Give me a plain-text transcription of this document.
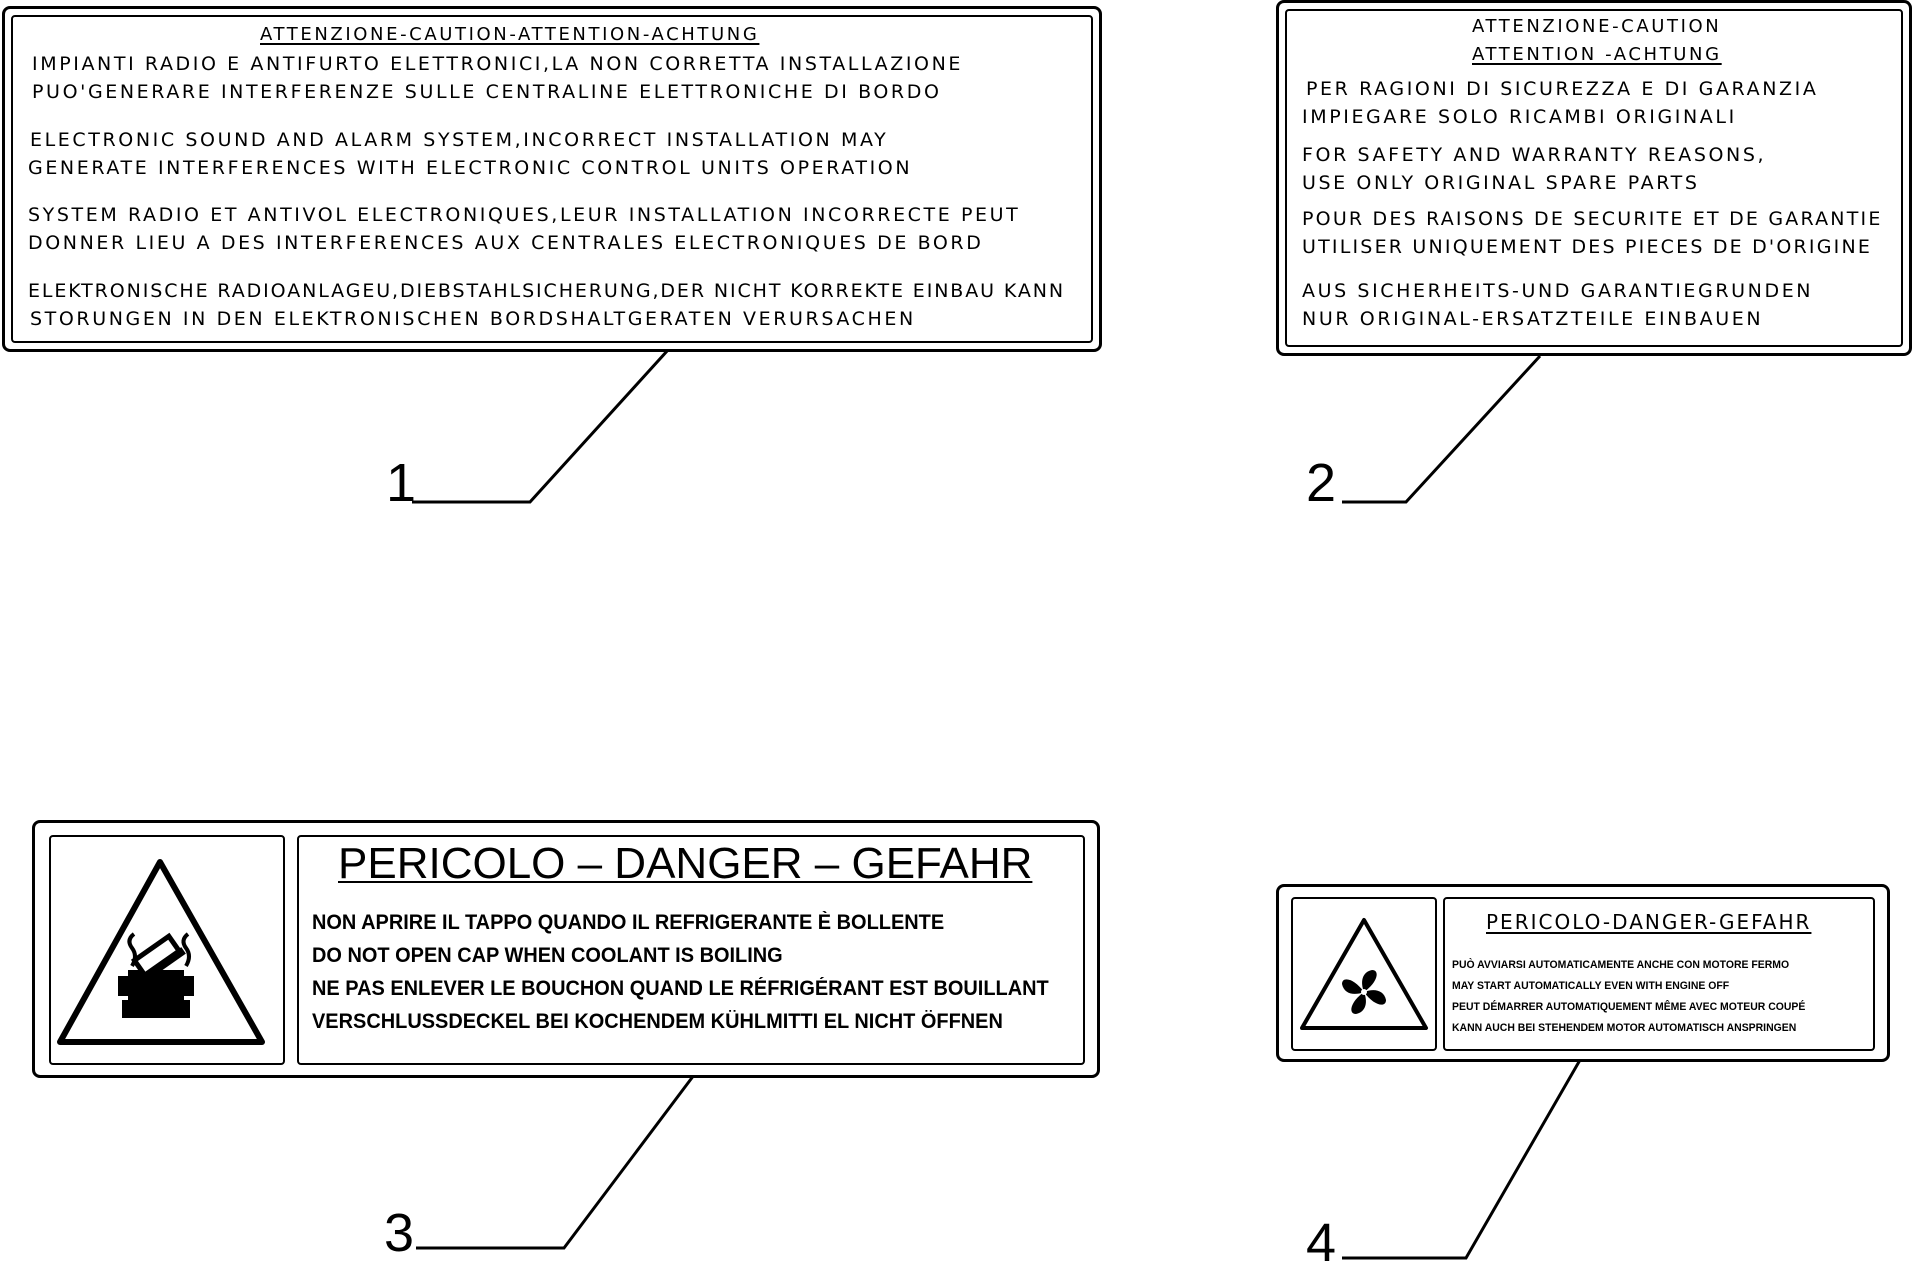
ATTENZIONE-CAUTION-ATTENTION-ACHTUNG
IMPIANTI RADIO E ANTIFURTO ELETTRONICI,LA NON CORRETTA INSTALLAZIONE
PUO'GENERARE INTERFERENZE SULLE CENTRALINE ELETTRONICHE DI BORDO
ELECTRONIC SOUND AND ALARM SYSTEM,INCORRECT INSTALLATION MAY
GENERATE INTERFERENCES WITH ELECTRONIC CONTROL UNITS OPERATION
SYSTEM RADIO ET ANTIVOL ELECTRONIQUES,LEUR INSTALLATION INCORRECTE PEUT
DONNER LIEU A DES INTERFERENCES AUX CENTRALES ELECTRONIQUES DE BORD
ELEKTRONISCHE RADIOANLAGEU,DIEBSTAHLSICHERUNG,DER NICHT KORREKTE EINBAU KANN
STORUNGEN IN DEN ELEKTRONISCHEN BORDSHALTGERATEN VERURSACHEN
1
ATTENZIONE-CAUTION
ATTENTION -ACHTUNG
PER RAGIONI DI SICUREZZA E DI GARANZIA
IMPIEGARE SOLO RICAMBI ORIGINALI
FOR SAFETY AND WARRANTY REASONS,
USE ONLY ORIGINAL SPARE PARTS
POUR DES RAISONS DE SECURITE ET DE GARANTIE
UTILISER UNIQUEMENT DES PIECES DE D'ORIGINE
AUS SICHERHEITS-UND GARANTIEGRUNDEN
NUR ORIGINAL-ERSATZTEILE EINBAUEN
2
PERICOLO – DANGER – GEFAHR
NON APRIRE IL TAPPO QUANDO IL REFRIGERANTE È BOLLENTE
DO NOT OPEN CAP WHEN COOLANT IS BOILING
NE PAS ENLEVER LE BOUCHON QUAND LE RÉFRIGÉRANT EST BOUILLANT
VERSCHLUSSDECKEL BEI KOCHENDEM KÜHLMITTI EL NICHT ÖFFNEN
3
PERICOLO-DANGER-GEFAHR
PUÒ AVVIARSI AUTOMATICAMENTE ANCHE CON MOTORE FERMO
MAY START AUTOMATICALLY EVEN WITH ENGINE OFF
PEUT DÉMARRER AUTOMATIQUEMENT MÊME AVEC MOTEUR COUPÉ
KANN AUCH BEI STEHENDEM MOTOR AUTOMATISCH ANSPRINGEN
4
